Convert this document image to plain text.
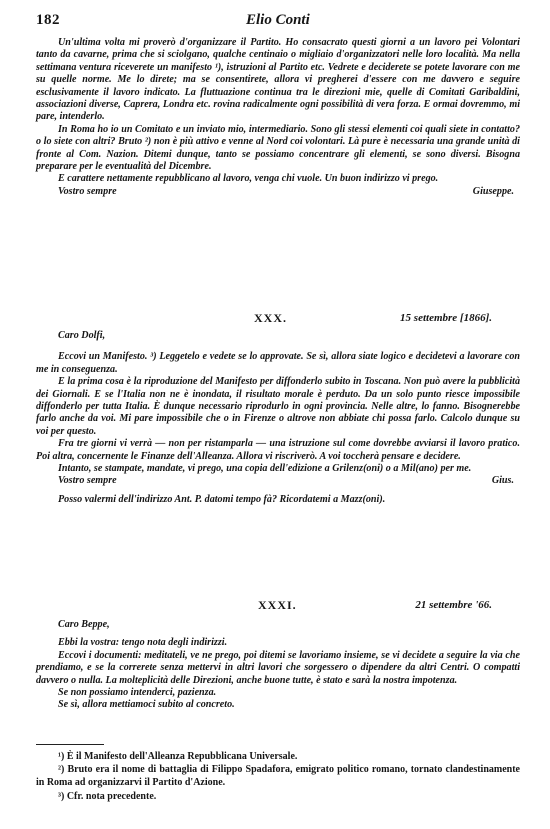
182	Elio Conti

Un'ultima volta mi proverò d'organizzare il Partito. Ho consacrato questi giorni a un lavoro pei Volontari tanto da cavarne, prima che si sciolgano, qualche centinaio o migliaio d'organizzatori nelle loro località. Ma nella settimana ventura riceverete un manifesto ¹), istruzioni al Partito etc. Vedrete e deciderete se potete lavorare con me su quelle norme. Me lo direte; ma se consentirete, allora vi pregherei d'essere con me davvero e seguire esclusivamente il lavoro indicato. La fluttuazione continua tra le direzioni mie, quelle di Comitati Garibaldini, associazioni diverse, Caprera, Londra etc. rovina radicalmente ogni possibilità di vera forza. E ormai dovremmo, mi pare, intenderlo.

In Roma ho io un Comitato e un inviato mio, intermediario. Sono gli stessi elementi coi quali siete in contatto? o lo siete con altri? Bruto ²) non è più attivo e venne al Nord coi volontari. Là pure è necessaria una grande unità di fronte al Com. Nazion. Ditemi dunque, tanto se possiamo concentrare gli elementi, se sono diversi. Bisogna preparare per le eventualità del Dicembre.

E carattere nettamente repubblicano al lavoro, venga chi vuole. Un buon indirizzo vi prego.

Vostro sempre	Giuseppe.
XXX.	15 settembre [1866].
Caro Dolfi,

Eccovi un Manifesto. ³) Leggetelo e vedete se lo approvate. Se sì, allora siate logico e decidetevi a lavorare con me in conseguenza.

E la prima cosa è la riproduzione del Manifesto per diffonderlo subito in Toscana. Non può avere la pubblicità dei Giornali. E se l'Italia non ne è inondata, il risultato morale è perduto. Da un solo punto riesce impossibile diffonderlo per tutta Italia. È dunque necessario riprodurlo in ogni provincia. Nelle altre, lo fanno. Bisognerebbe farlo anche da voi. Mi pare impossibile che o in Firenze o altrove non abbiate chi possa farlo. Calcolo dunque su voi per questo.

Fra tre giorni vi verrà — non per ristamparla — una istruzione sul come dovrebbe avviarsi il lavoro pratico. Poi altra, concernente le Finanze dell'Alleanza. Allora vi riscriverò. A voi toccherà pensare e decidere.

Intanto, se stampate, mandate, vi prego, una copia dell'edizione a Grilenz(oni) o a Mil(ano) per me.

Vostro sempre	Gius.

Posso valermi dell'indirizzo Ant. P. datomi tempo fà? Ricordatemi a Mazz(oni).

XXXI.	21 settembre '66.
Caro Beppe,

Ebbi la vostra: tengo nota degli indirizzi.

Eccovi i documenti: meditateli, ve ne prego, poi ditemi se lavoriamo insieme, se vi decidete a seguire la via che prendiamo, e se la correrete senza mettervi in altri lavori che sorgessero o dipendere da altri Centri. O compatti davvero o nulla. La molteplicità delle Direzioni, anche buone tutte, è stato e sarà la nostra impotenza.

Se non possiamo intenderci, pazienza.

Se sì, allora mettiamoci subito al concreto.

¹) È il Manifesto dell'Alleanza Repubblicana Universale.
²) Bruto era il nome di battaglia di Filippo Spadafora, emigrato politico romano, tornato clandestinamente in Roma ad organizzarvi il Partito d'Azione.
³) Cfr. nota precedente.
